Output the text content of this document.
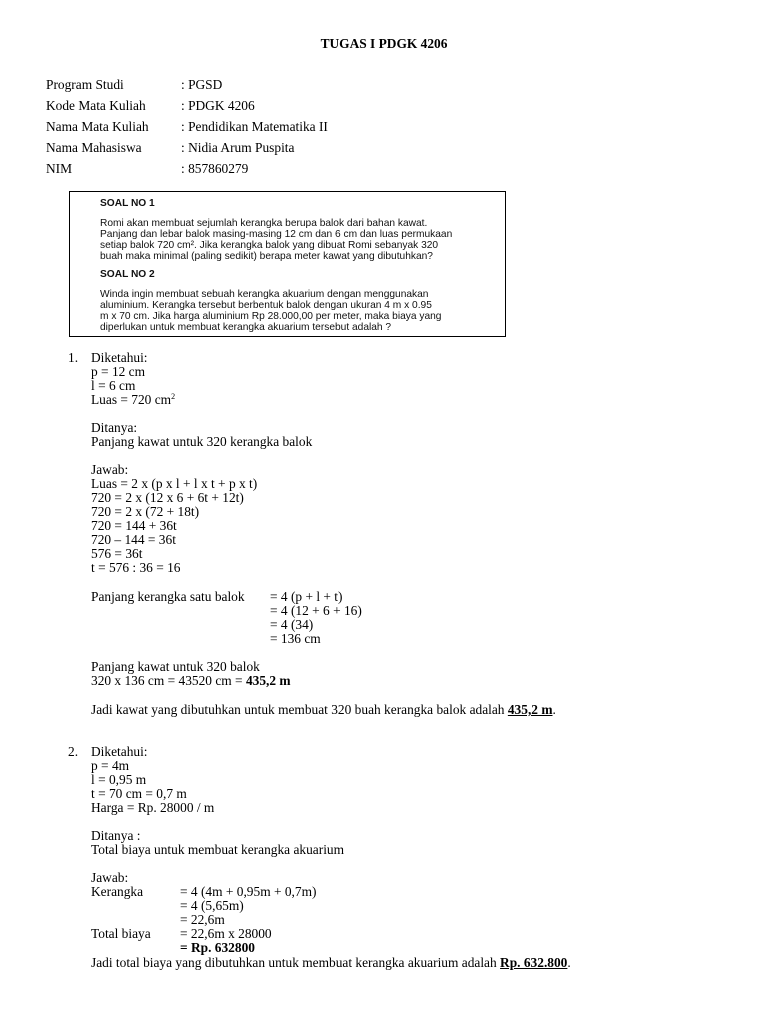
TUGAS I PDGK 4206
Program Studi	: PGSD
Kode Mata Kuliah	: PDGK 4206
Nama Mata Kuliah : Pendidikan Matematika II
Nama Mahasiswa	: Nidia Arum Puspita
NIM	: 857860279
SOAL NO 1
Romi akan membuat sejumlah kerangka berupa balok dari bahan kawat.
Panjang dan lebar balok masing-masing 12 cm dan 6 cm dan luas permukaan
setiap balok 720 cm². Jika kerangka balok yang dibuat Romi sebanyak 320
buah maka minimal (paling sedikit) berapa meter kawat yang dibutuhkan?
SOAL NO 2
Winda ingin membuat sebuah kerangka akuarium dengan menggunakan
aluminium. Kerangka tersebut berbentuk balok dengan ukuran 4 m x 0.95
m x 70 cm. Jika harga aluminium Rp 28.000,00 per meter, maka biaya yang
diperlukan untuk membuat kerangka akuarium tersebut adalah ?
1. Diketahui:
p = 12 cm
l = 6 cm
Luas = 720 $cm^2$
Ditanya:
Panjang kawat untuk 320 kerangka balok
Jawab:
Luas = 2 x (p x l + l x t + p x t)
720 = 2 x (12 x 6 + 6t + 12t)
720 = 2 x (72 + 18t)
720 = 144 + 36t
720 – 144 = 36t
576 = 36t
t = 576 : 36 = 16
Panjang kerangka satu balok = 4 (p + l + t)
= 4 (12 + 6 + 16)
= 4 (34)
= 136 cm
Panjang kawat untuk 320 balok
320 x 136 cm = 43520 cm = 435,2 m
Jadi kawat yang dibutuhkan untuk membuat 320 buah kerangka balok adalah 435,2 m.
2. Diketahui:
p = 4m
l = 0,95 m
t = 70 cm = 0,7 m
Harga = Rp. 28000 / m
Ditanya :
Total biaya untuk membuat kerangka akuarium
Jawab:
Kerangka	= 4 (4m + 0,95m + 0,7m)
= 4 (5,65m)
= 22,6m
Total biaya = 22,6m x 28000
= Rp. 632800
Jadi total biaya yang dibutuhkan untuk membuat kerangka akuarium adalah Rp. 632.800.
